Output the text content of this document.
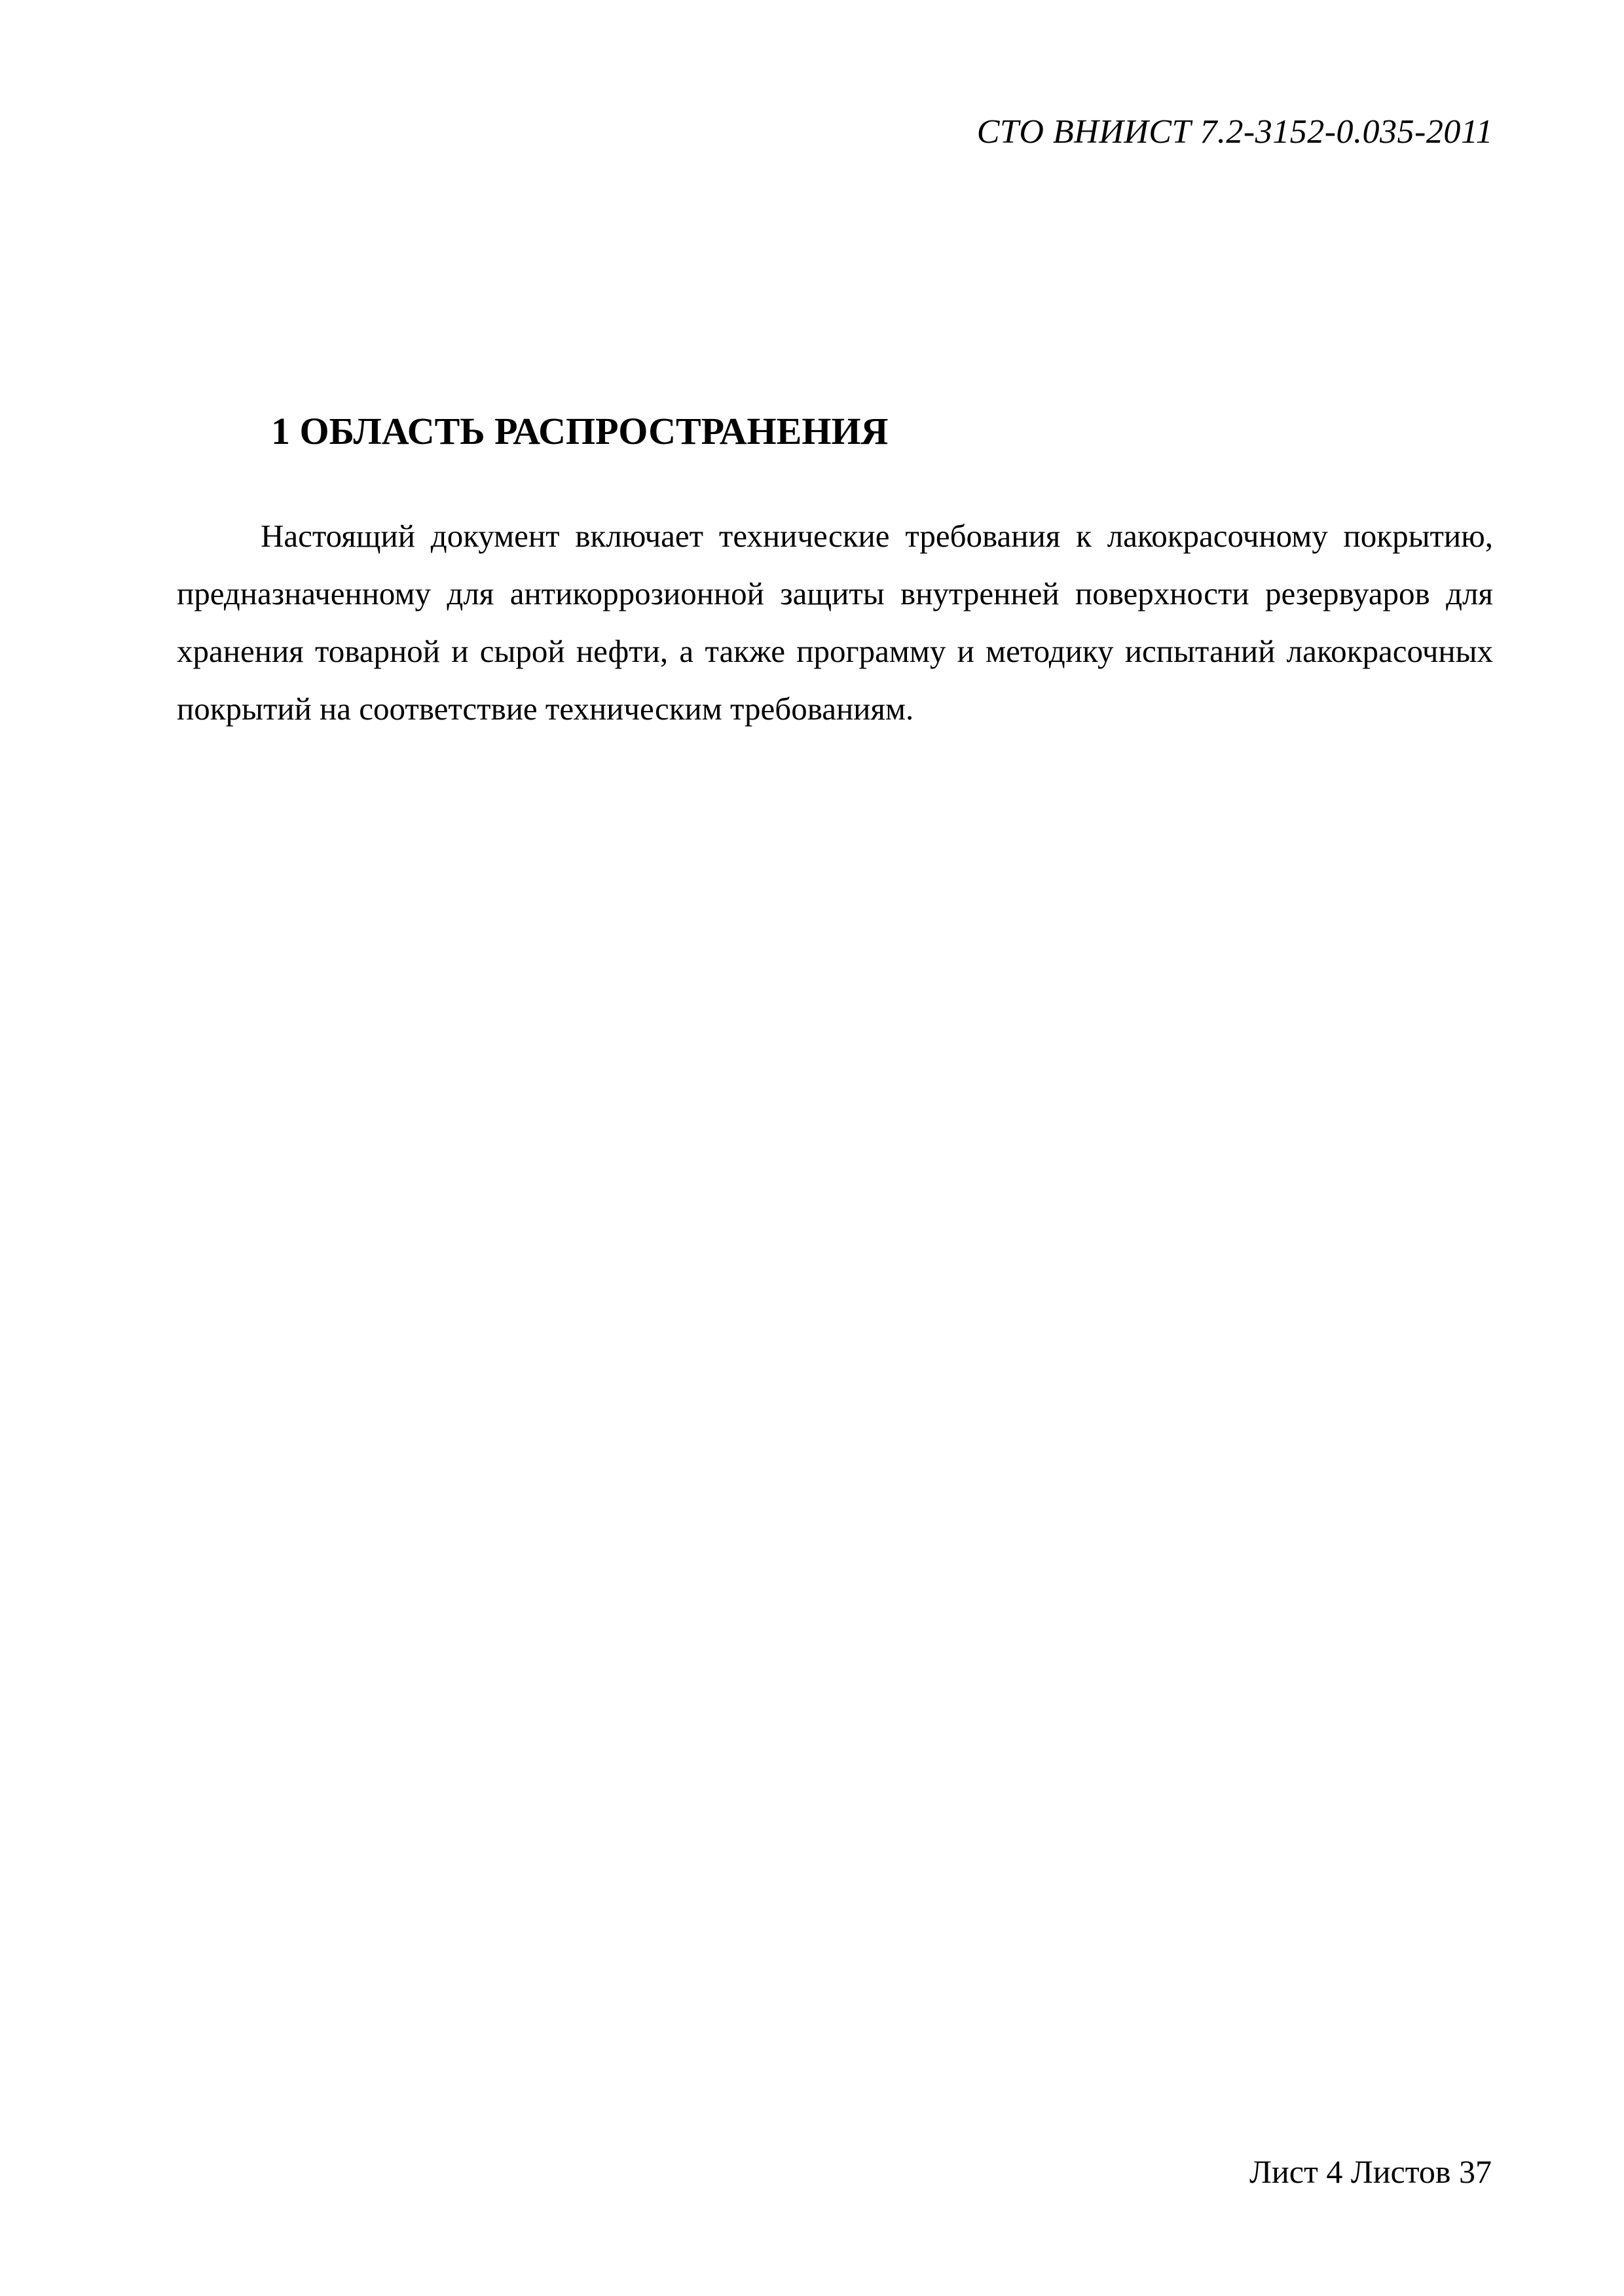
СТО ВНИИСТ 7.2-3152-0.035-2011
1 ОБЛАСТЬ РАСПРОСТРАНЕНИЯ

Настоящий документ включает технические требования к лакокрасочному покрытию, предназначенному для антикоррозионной защиты внутренней поверхности резервуаров для хранения товарной и сырой нефти, а также программу и методику испытаний лакокрасочных покрытий на соответствие техническим требованиям.

Лист 4 Листов 37
